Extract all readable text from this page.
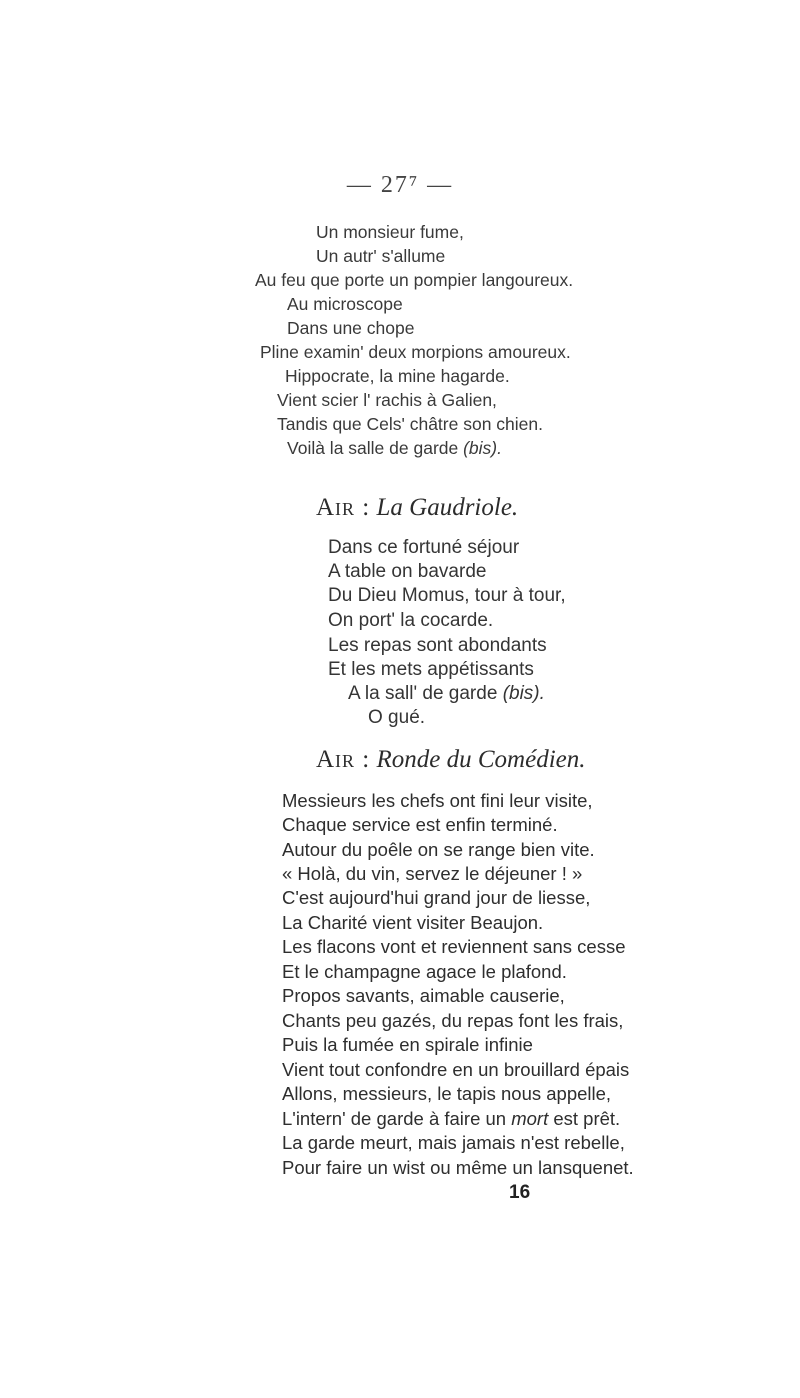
— 27⁷ —
Un monsieur fume,
Un autr' s'allume
Au feu que porte un pompier langoureux.
Au microscope
Dans une chope
Pline examin' deux morpions amoureux.
Hippocrate, la mine hagarde.
Vient scier l' rachis à Galien,
Tandis que Cels' châtre son chien.
Voilà la salle de garde (bis).
Air : La Gaudriole.
Dans ce fortuné séjour
A table on bavarde
Du Dieu Momus, tour à tour,
On port' la cocarde.
Les repas sont abondants
Et les mets appétissants
A la sall' de garde (bis).
O gué.
Air : Ronde du Comédien.
Messieurs les chefs ont fini leur visite,
Chaque service est enfin terminé.
Autour du poêle on se range bien vite.
« Holà, du vin, servez le déjeuner ! »
C'est aujourd'hui grand jour de liesse,
La Charité vient visiter Beaujon.
Les flacons vont et reviennent sans cesse
Et le champagne agace le plafond.
Propos savants, aimable causerie,
Chants peu gazés, du repas font les frais,
Puis la fumée en spirale infinie
Vient tout confondre en un brouillard épais
Allons, messieurs, le tapis nous appelle,
L'intern' de garde à faire un mort est prêt.
La garde meurt, mais jamais n'est rebelle,
Pour faire un wist ou même un lansquenet.
16
